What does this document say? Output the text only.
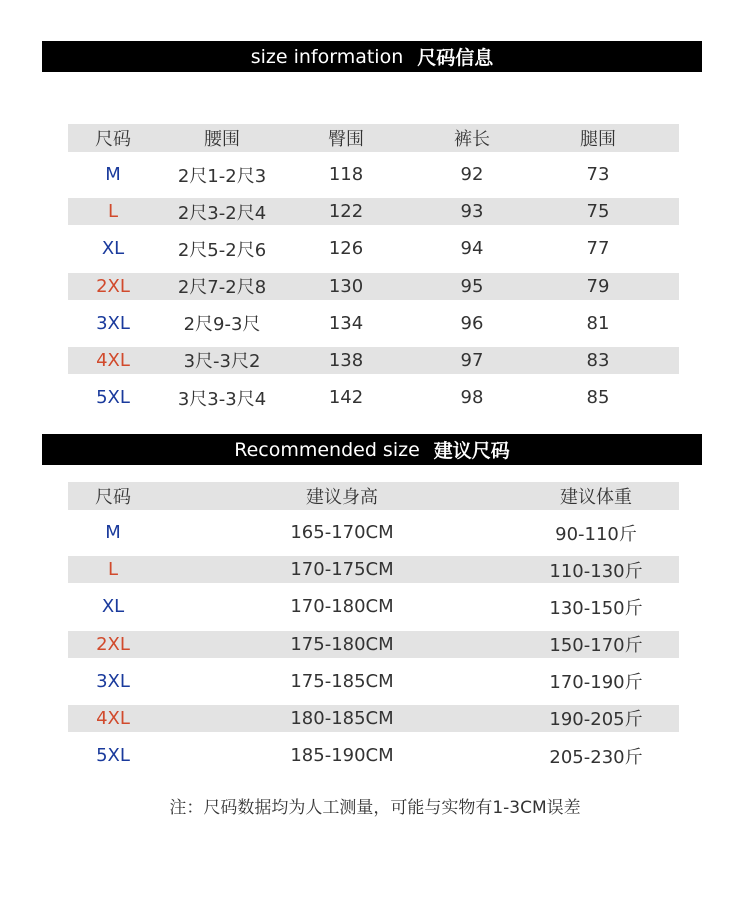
size information 尺码信息
尺码	腰围	臀围	裤长	腿围
M	2尺1-2尺3	118	92	73
L	2尺3-2尺4	122	93	75
XL	2尺5-2尺6	126	94	77
2XL	2尺7-2尺8	130	95	79
3XL	2尺9-3尺	134	96	81
4XL	3尺-3尺2	138	97	83
5XL	3尺3-3尺4	142	98	85
Recommended size 建议尺码
尺码	建议身高	建议体重
M	165-170CM	90-110斤
L	170-175CM	110-130斤
XL	170-180CM	130-150斤
2XL	175-180CM	150-170斤
3XL	175-185CM	170-190斤
4XL	180-185CM	190-205斤
5XL	185-190CM	205-230斤
注：尺码数据均为人工测量，可能与实物有1-3CM误差
